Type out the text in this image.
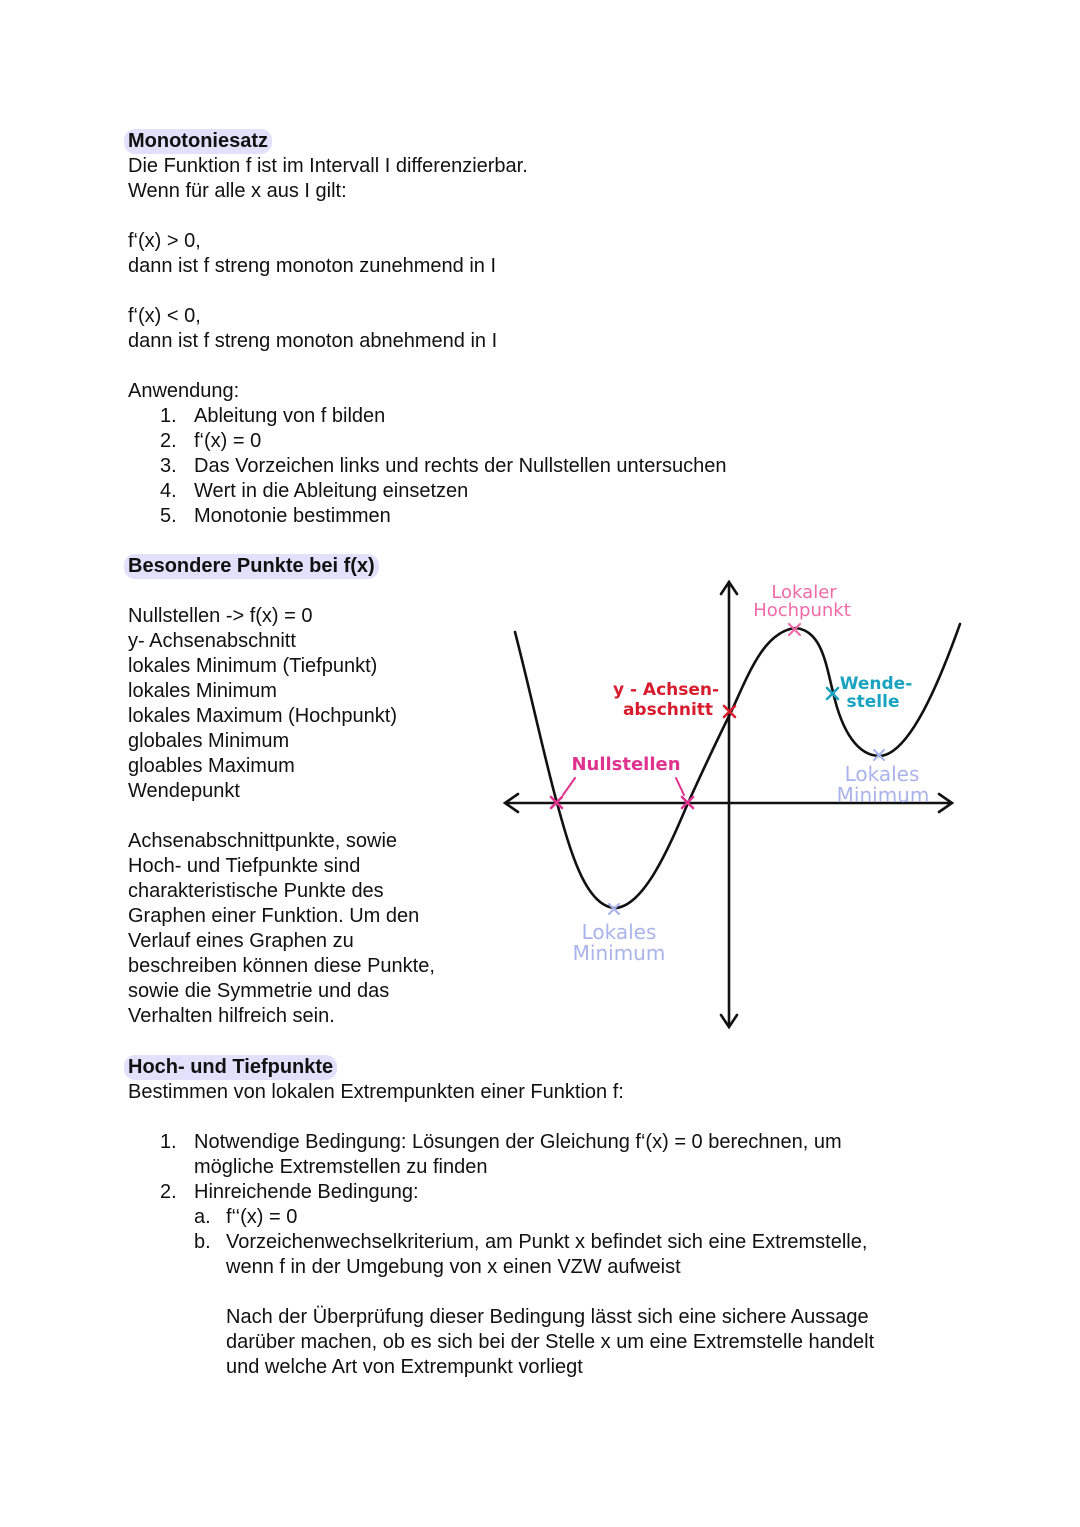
Monotoniesatz
Die Funktion f ist im Intervall I differenzierbar.
Wenn für alle x aus I gilt:
f‘(x) > 0,
dann ist f streng monoton zunehmend in I
f‘(x) < 0,
dann ist f streng monoton abnehmend in I
Anwendung:
1. Ableitung von f bilden
2. f‘(x) = 0
3. Das Vorzeichen links und rechts der Nullstellen untersuchen
4. Wert in die Ableitung einsetzen
5. Monotonie bestimmen
Besondere Punkte bei f(x)
Nullstellen -> f(x) = 0
y- Achsenabschnitt
lokales Minimum (Tiefpunkt)
lokales Minimum
lokales Maximum (Hochpunkt)
globales Minimum
gloables Maximum
Wendepunkt
Achsenabschnittpunkte, sowie
Hoch- und Tiefpunkte sind
charakteristische Punkte des
Graphen einer Funktion. Um den
Verlauf eines Graphen zu
beschreiben können diese Punkte,
sowie die Symmetrie und das
Verhalten hilfreich sein.
Lokaler
Hochpunkt
y - Achsen-
abschnitt
Wende-
stelle
Nullstellen	Lokales
Minimum
Lokales
Minimum
Hoch- und Tiefpunkte
Bestimmen von lokalen Extrempunkten einer Funktion f:
1. Notwendige Bedingung: Lösungen der Gleichung f‘(x) = 0 berechnen, um
mögliche Extremstellen zu finden
2. Hinreichende Bedingung:
a. f‘‘(x) = 0
b. Vorzeichenwechselkriterium, am Punkt x befindet sich eine Extremstelle,
wenn f in der Umgebung von x einen VZW aufweist
Nach der Überprüfung dieser Bedingung lässt sich eine sichere Aussage
darüber machen, ob es sich bei der Stelle x um eine Extremstelle handelt
und welche Art von Extrempunkt vorliegt
